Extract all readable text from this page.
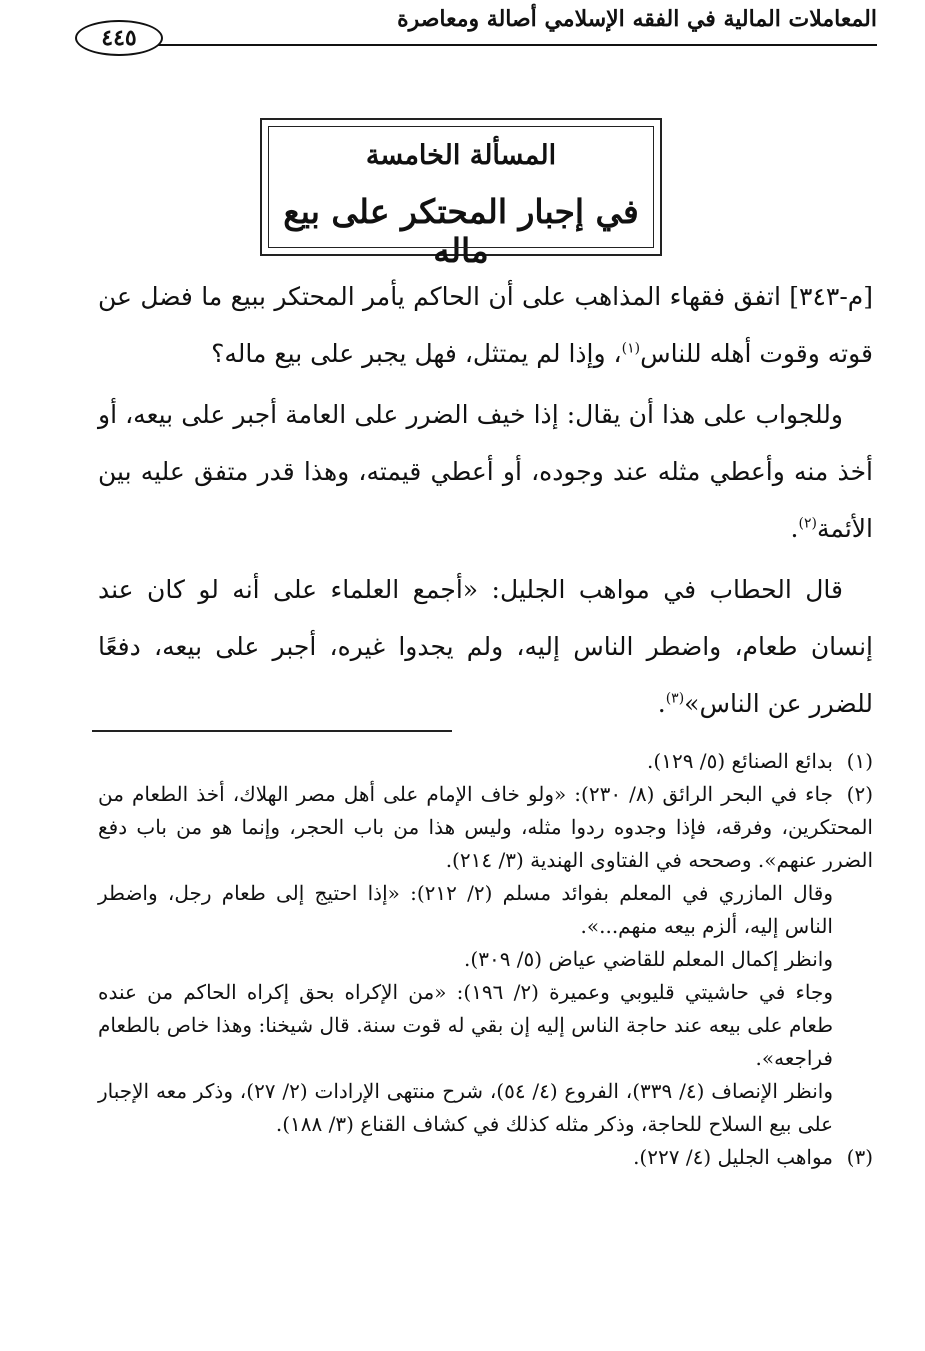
المعاملات المالية في الفقه الإسلامي أصالة ومعاصرة
٤٤٥
المسألة الخامسة
في إجبار المحتكر على بيع ماله

[م-٣٤٣] اتفق فقهاء المذاهب على أن الحاكم يأمر المحتكر ببيع ما فضل عن قوته وقوت أهله للناس$^{(١)}$، وإذا لم يمتثل، فهل يجبر على بيع ماله؟

وللجواب على هذا أن يقال: إذا خيف الضرر على العامة أجبر على بيعه، أو أخذ منه وأعطي مثله عند وجوده، أو أعطي قيمته، وهذا قدر متفق عليه بين الأئمة$^{(٢)}$.

قال الحطاب في مواهب الجليل: «أجمع العلماء على أنه لو كان عند إنسان طعام، واضطر الناس إليه، ولم يجدوا غيره، أجبر على بيعه، دفعًا للضرر عن الناس»$^{(٣)}$.

(١)بدائع الصنائع (٥/ ١٢٩).

(٢)جاء في البحر الرائق (٨/ ٢٣٠): «ولو خاف الإمام على أهل مصر الهلاك، أخذ الطعام من المحتكرين، وفرقه، فإذا وجدوه ردوا مثله، وليس هذا من باب الحجر، وإنما هو من باب دفع الضرر عنهم». وصححه في الفتاوى الهندية (٣/ ٢١٤).

وقال المازري في المعلم بفوائد مسلم (٢/ ٢١٢): «إذا احتيج إلى طعام رجل، واضطر الناس إليه، ألزم بيعه منهم...».

وانظر إكمال المعلم للقاضي عياض (٥/ ٣٠٩).

وجاء في حاشيتي قليوبي وعميرة (٢/ ١٩٦): «من الإكراه بحق إكراه الحاكم من عنده طعام على بيعه عند حاجة الناس إليه إن بقي له قوت سنة. قال شيخنا: وهذا خاص بالطعام فراجعه».

وانظر الإنصاف (٤/ ٣٣٩)، الفروع (٤/ ٥٤)، شرح منتهى الإرادات (٢/ ٢٧)، وذكر معه الإجبار على بيع السلاح للحاجة، وذكر مثله كذلك في كشاف القناع (٣/ ١٨٨).

(٣)مواهب الجليل (٤/ ٢٢٧).
